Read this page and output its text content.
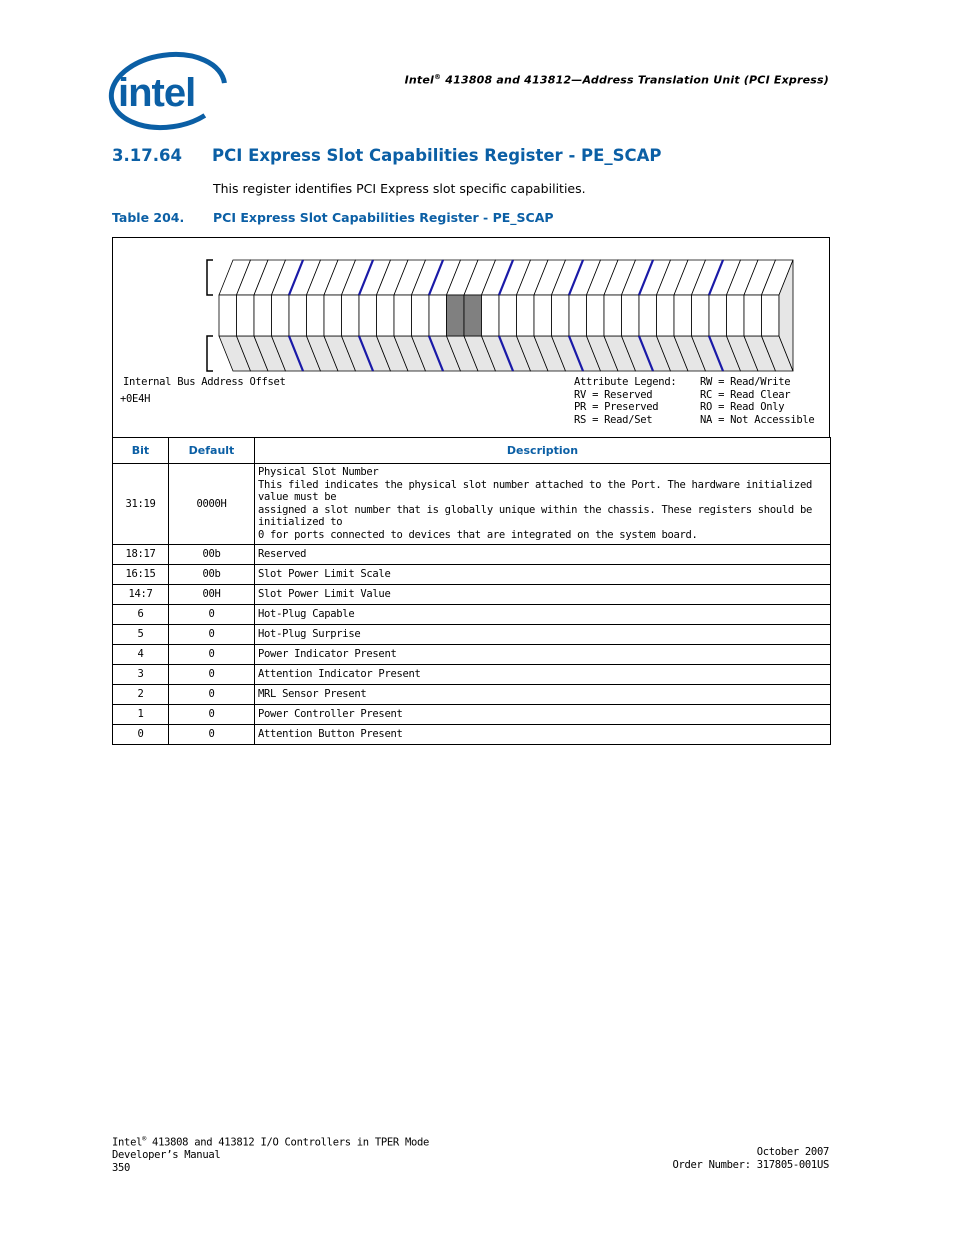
intel	Intel® 413808 and 413812—Address Translation Unit (PCI Express)
3.17.64 PCI Express Slot Capabilities Register - PE_SCAP
This register identifies PCI Express slot specific capabilities.
Table 204. PCI Express Slot Capabilities Register - PE_SCAP
Internal Bus Address Offset
+0E4H
Attribute Legend:
RV = Reserved
PR = Preserved
RS = Read/Set
RW = Read/Write
RC = Read Clear
RO = Read Only
NA = Not Accessible
Bit	Default	Description
31:19	0000H	Physical Slot Number
This filed indicates the physical slot number attached to the Port. The hardware initialized value must be
assigned a slot number that is globally unique within the chassis. These registers should be initialized to
0 for ports connected to devices that are integrated on the system board.

18:17	00b	Reserved
16:15	00b	Slot Power Limit Scale
14:7	00H	Slot Power Limit Value
6	0	Hot-Plug Capable
5	0	Hot-Plug Surprise
4	0	Power Indicator Present
3	0	Attention Indicator Present
2	0	MRL Sensor Present
1	0	Power Controller Present
0	0	Attention Button Present
Intel® 413808 and 413812 I/O Controllers in TPER Mode
Developer’s Manual
350
October 2007
Order Number: 317805-001US
